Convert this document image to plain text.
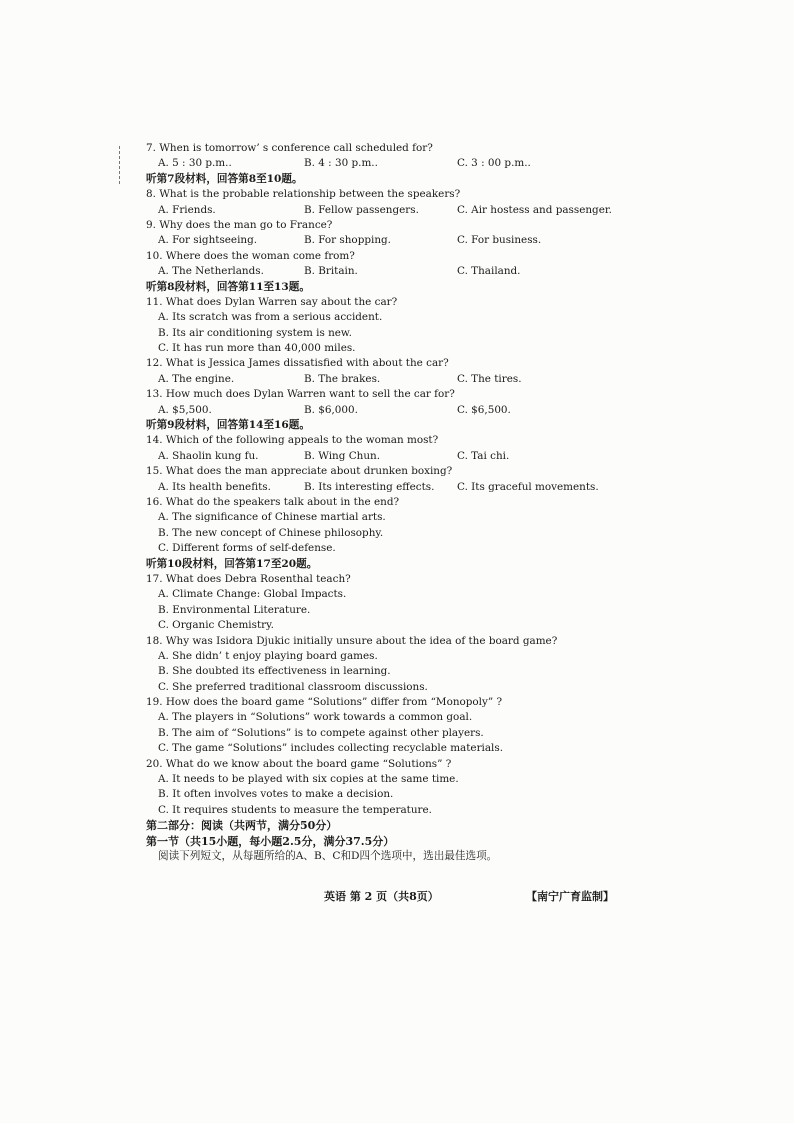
7. When is tomorrow’ s conference call scheduled for?
A. 5 : 30 p.m..	B. 4 : 30 p.m..	C. 3 : 00 p.m..
听第7段材料，回答第8至10题。
8. What is the probable relationship between the speakers?
A. Friends.	B. Fellow passengers.	C. Air hostess and passenger.
9. Why does the man go to France?
A. For sightseeing.	B. For shopping.	C. For business.
10. Where does the woman come from?
A. The Netherlands.	B. Britain.	C. Thailand.
听第8段材料，回答第11至13题。
11. What does Dylan Warren say about the car?
A. Its scratch was from a serious accident.
B. Its air conditioning system is new.
C. It has run more than 40,000 miles.
12. What is Jessica James dissatisfied with about the car?
A. The engine.	B. The brakes.	C. The tires.
13. How much does Dylan Warren want to sell the car for?
A. $5,500.	B. $6,000.	C. $6,500.
听第9段材料，回答第14至16题。
14. Which of the following appeals to the woman most?
A. Shaolin kung fu.	B. Wing Chun.	C. Tai chi.
15. What does the man appreciate about drunken boxing?
A. Its health benefits.	B. Its interesting effects. C. Its graceful movements.
16. What do the speakers talk about in the end?
A. The significance of Chinese martial arts.
B. The new concept of Chinese philosophy.
C. Different forms of self-defense.
听第10段材料，回答第17至20题。
17. What does Debra Rosenthal teach?
A. Climate Change: Global Impacts.
B. Environmental Literature.
C. Organic Chemistry.
18. Why was Isidora Djukic initially unsure about the idea of the board game?
A. She didn’ t enjoy playing board games.
B. She doubted its effectiveness in learning.
C. She preferred traditional classroom discussions.
19. How does the board game “Solutions” differ from “Monopoly” ?
A. The players in “Solutions” work towards a common goal.
B. The aim of “Solutions” is to compete against other players.
C. The game “Solutions” includes collecting recyclable materials.
20. What do we know about the board game “Solutions” ?
A. It needs to be played with six copies at the same time.
B. It often involves votes to make a decision.
C. It requires students to measure the temperature.
第二部分：阅读（共两节，满分50分）
第一节（共15小题，每小题2.5分，满分37.5分）
阅读下列短文，从每题所给的A、B、C和D四个选项中，选出最佳选项。
英语 第 2 页（共8页）	【南宁广育监制】
